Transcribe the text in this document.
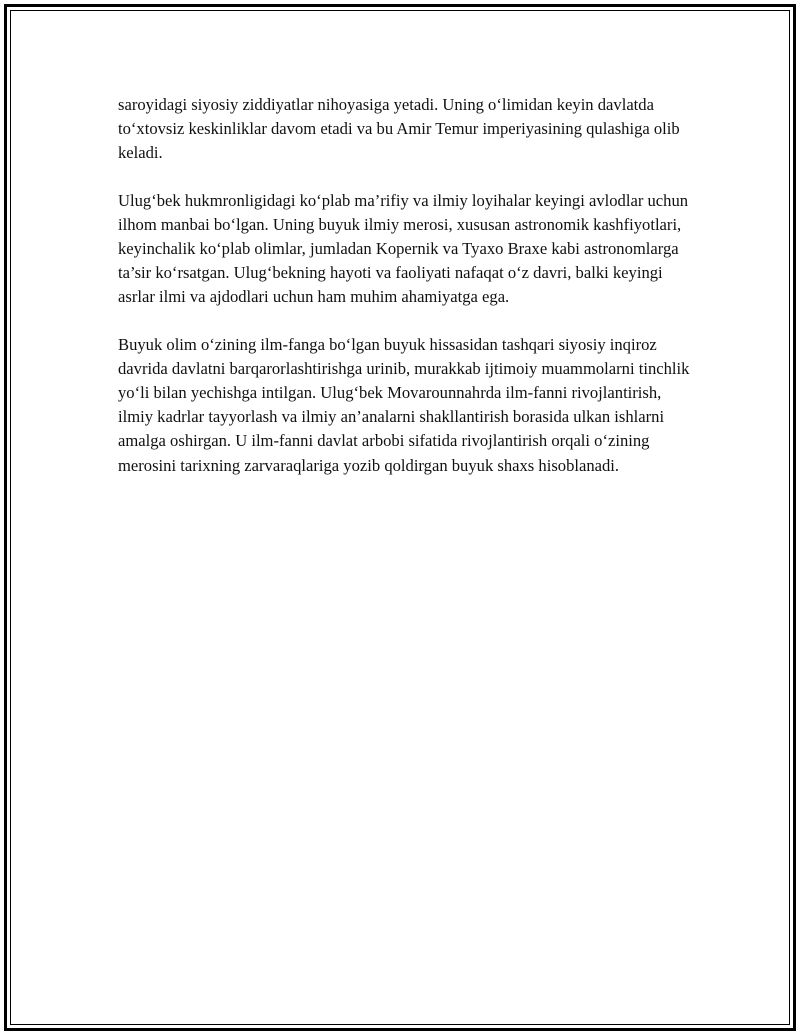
saroyidagi siyosiy ziddiyatlar nihoyasiga yetadi. Uning o‘limidan keyin davlatda to‘xtovsiz keskinliklar davom etadi va bu Amir Temur imperiyasining qulashiga olib keladi.

Ulug‘bek hukmronligidagi ko‘plab ma’rifiy va ilmiy loyihalar keyingi avlodlar uchun ilhom manbai bo‘lgan. Uning buyuk ilmiy merosi, xususan astronomik kashfiyotlari, keyinchalik ko‘plab olimlar, jumladan Kopernik va Tyaxo Braxe kabi astronomlarga ta’sir ko‘rsatgan. Ulug‘bekning hayoti va faoliyati nafaqat o‘z davri, balki keyingi asrlar ilmi va ajdodlari uchun ham muhim ahamiyatga ega.

Buyuk olim o‘zining ilm-fanga bo‘lgan buyuk hissasidan tashqari siyosiy inqiroz davrida davlatni barqarorlashtirishga urinib, murakkab ijtimoiy muammolarni tinchlik yo‘li bilan yechishga intilgan. Ulug‘bek Movarounnahrda ilm-fanni rivojlantirish, ilmiy kadrlar tayyorlash va ilmiy an’analarni shakllantirish borasida ulkan ishlarni amalga oshirgan. U ilm-fanni davlat arbobi sifatida rivojlantirish orqali o‘zining merosini tarixning zarvaraqlariga yozib qoldirgan buyuk shaxs hisoblanadi.
